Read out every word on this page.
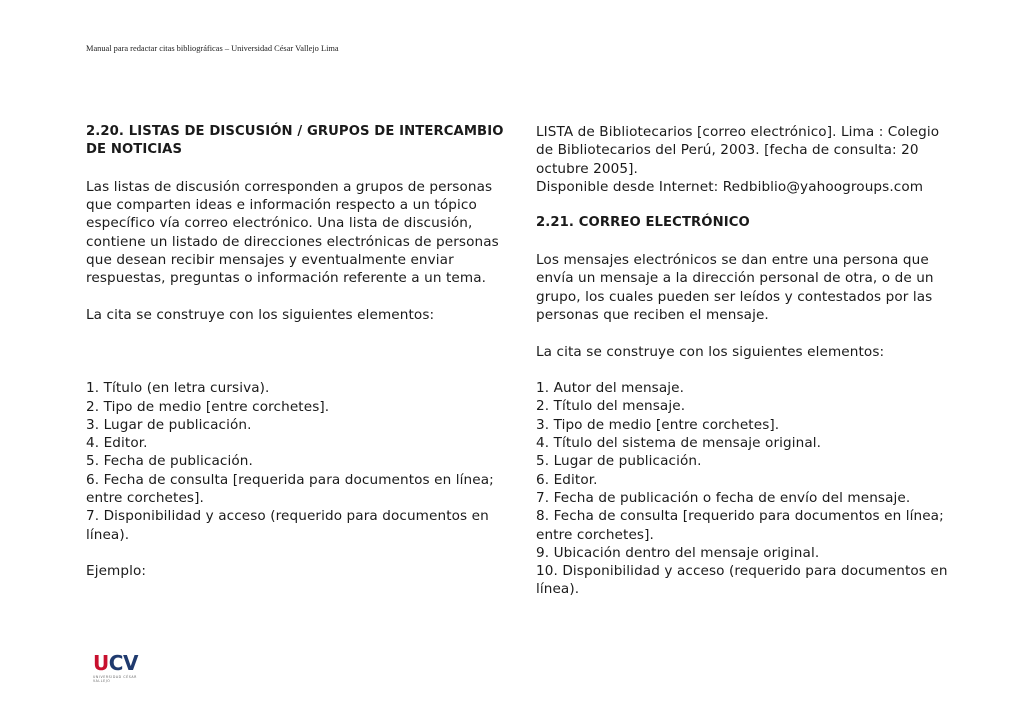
Manual para redactar citas bibliográficas – Universidad César Vallejo Lima

2.20. LISTAS DE DISCUSIÓN / GRUPOS DE INTERCAMBIO DE NOTICIAS

Las listas de discusión corresponden a grupos de personas que comparten ideas e información respecto a un tópico específico vía correo electrónico. Una lista de discusión, contiene un listado de direcciones electrónicas de personas que desean recibir mensajes y eventualmente enviar respuestas, preguntas o información referente a un tema.

La cita se construye con los siguientes elementos:

1. Título (en letra cursiva).
2. Tipo de medio [entre corchetes].
3. Lugar de publicación.
4. Editor.
5. Fecha de publicación.
6. Fecha de consulta [requerida para documentos en línea; entre corchetes].
7. Disponibilidad y acceso (requerido para documentos en línea).

Ejemplo:

LISTA de Bibliotecarios [correo electrónico]. Lima : Colegio de Bibliotecarios del Perú, 2003. [fecha de consulta: 20 octubre 2005].

Disponible desde Internet: Redbiblio@yahoogroups.com

2.21. CORREO ELECTRÓNICO

Los mensajes electrónicos se dan entre una persona que envía un mensaje a la dirección personal de otra, o de un grupo, los cuales pueden ser leídos y contestados por las personas que reciben el mensaje.

La cita se construye con los siguientes elementos:

1. Autor del mensaje.
2. Título del mensaje.
3. Tipo de medio [entre corchetes].
4. Título del sistema de mensaje original.
5. Lugar de publicación.
6. Editor.
7. Fecha de publicación o fecha de envío del mensaje.
8. Fecha de consulta [requerido para documentos en línea; entre corchetes].
9. Ubicación dentro del mensaje original.
10. Disponibilidad y acceso (requerido para documentos en línea).
UCV
UNIVERSIDAD CÉSAR VALLEJO
